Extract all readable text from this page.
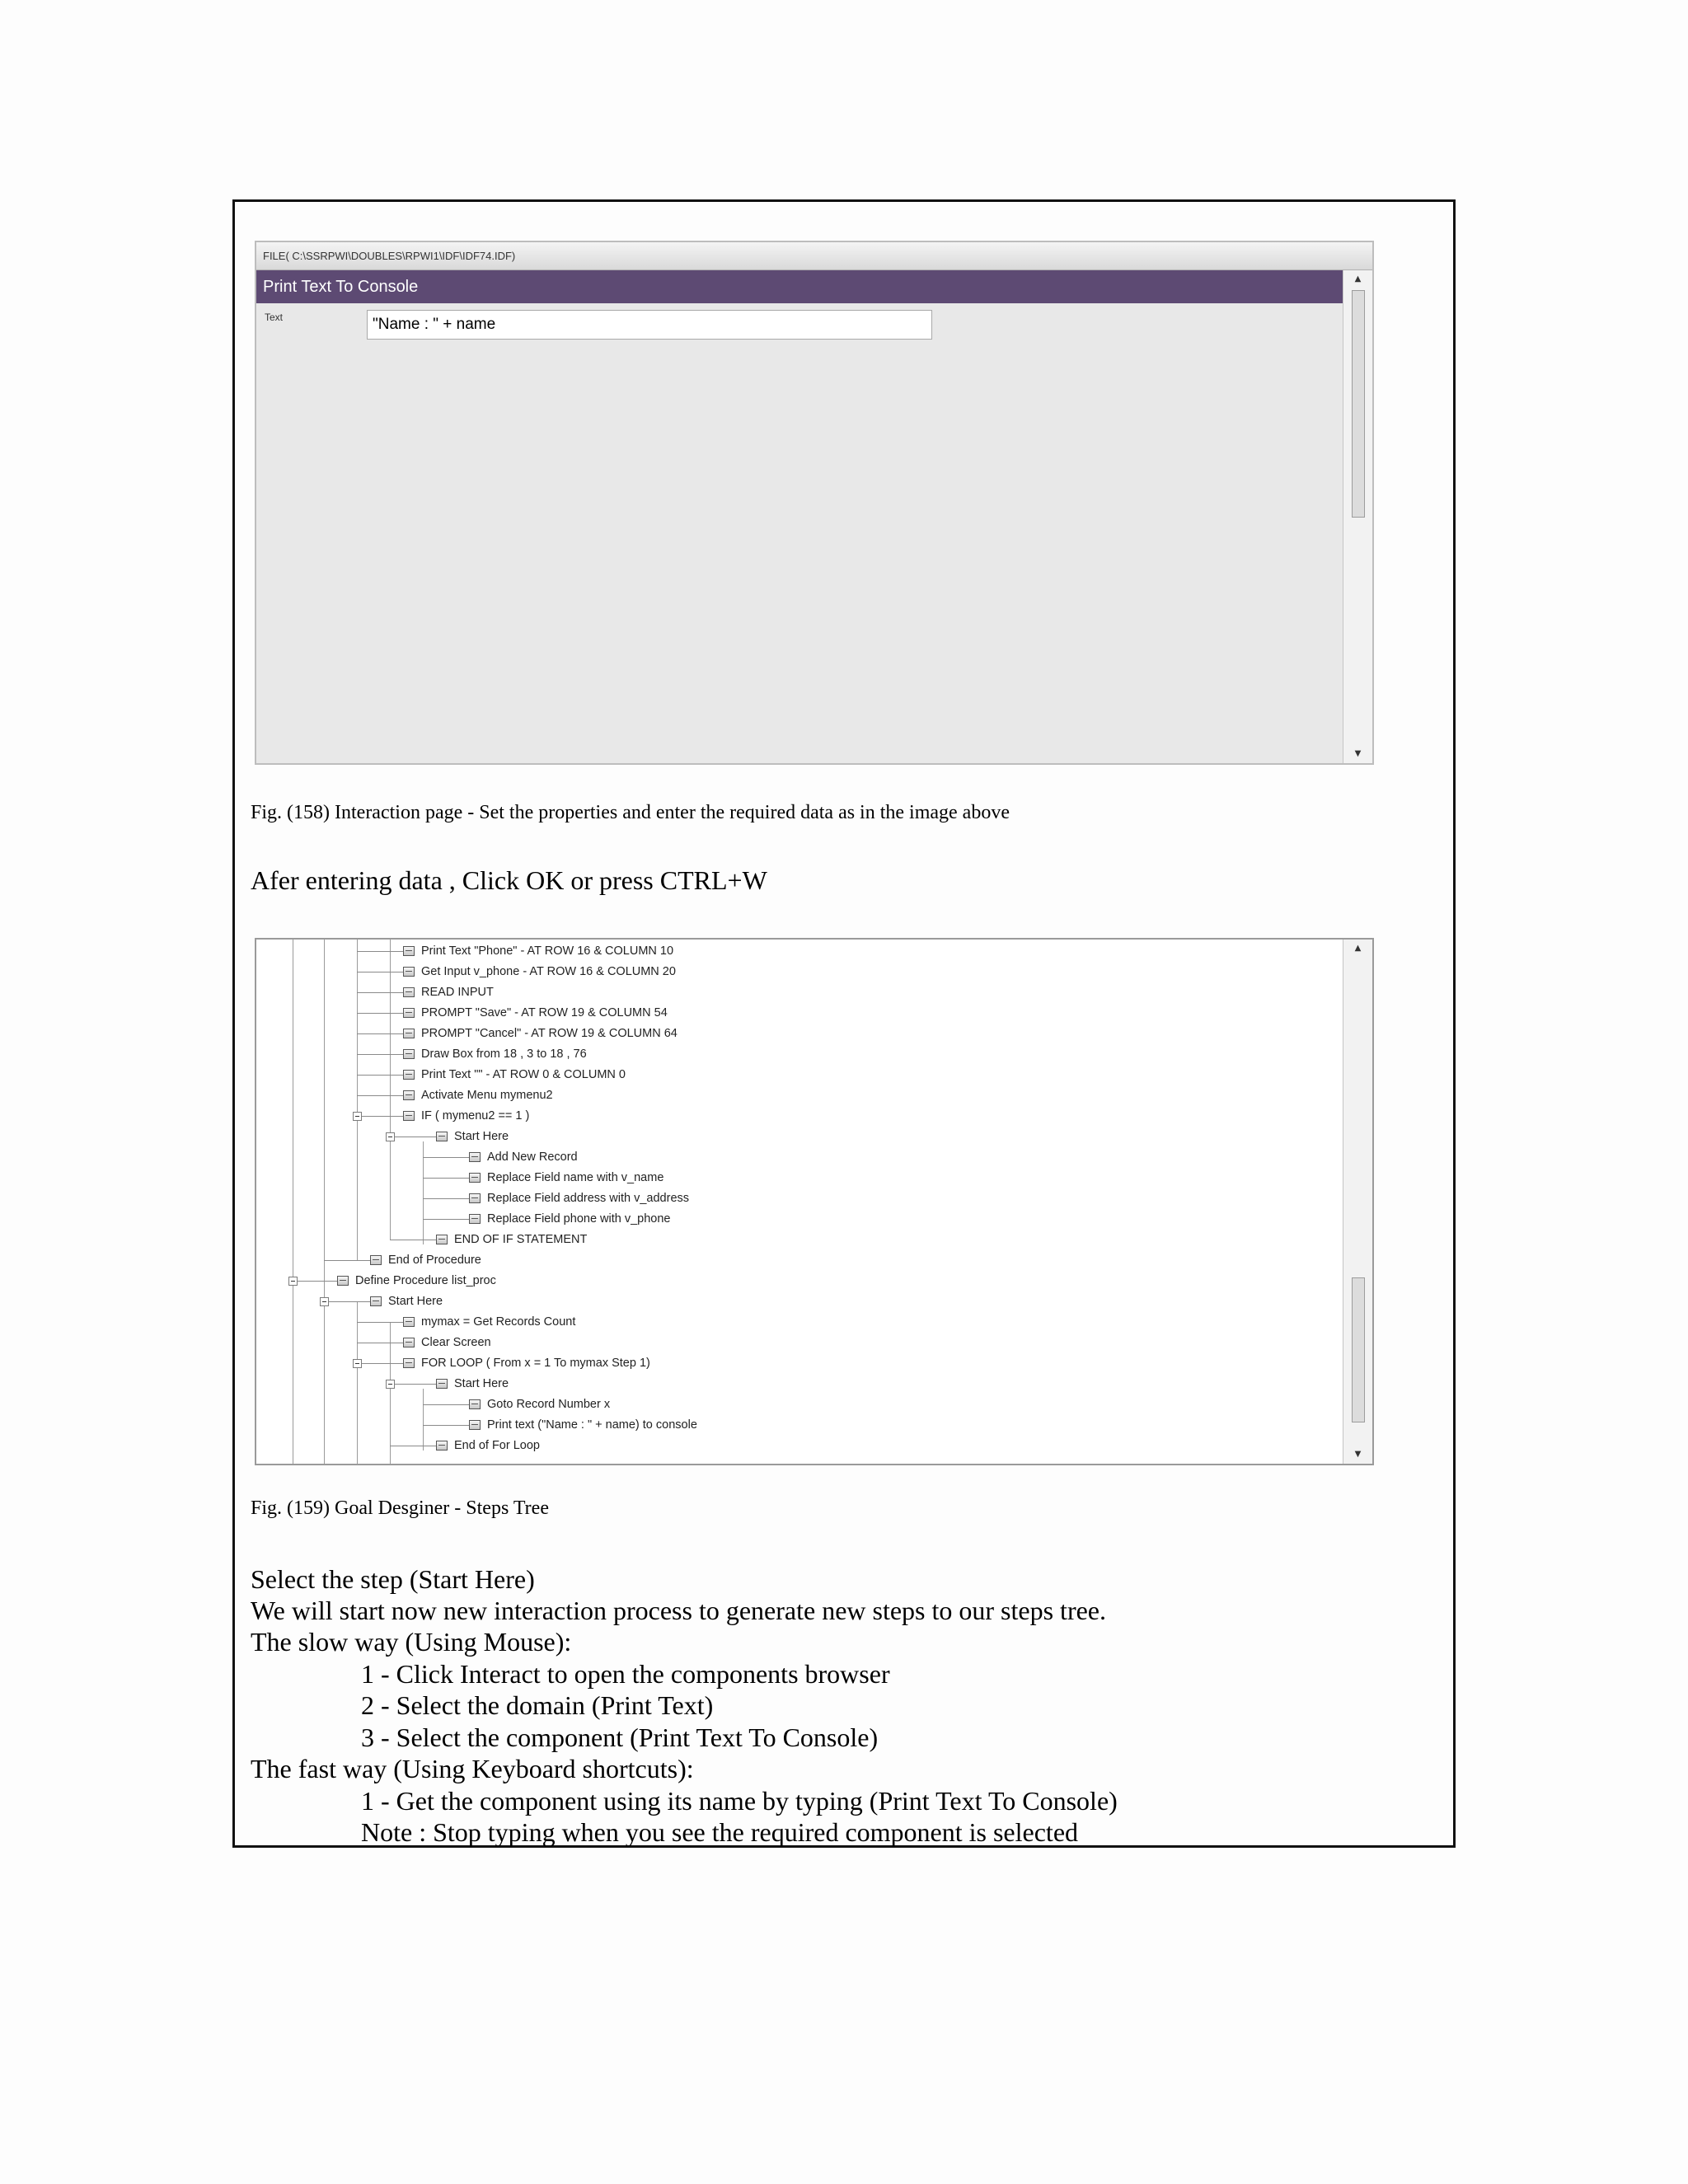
FILE( C:\SSRPWI\DOUBLES\RPWI1\IDF\IDF74.IDF)
Print Text To Console
Text	"Name : " + name
▲
▼
Fig. (158) Interaction page - Set the properties and enter the required data as in the image above
Afer entering data , Click OK or press CTRL+W
Print Text "Phone" - AT ROW 16 & COLUMN 10
Get Input v_phone - AT ROW 16 & COLUMN 20
READ INPUT
PROMPT "Save" - AT ROW 19 & COLUMN 54
PROMPT "Cancel" - AT ROW 19 & COLUMN 64
Draw Box from 18 , 3 to 18 , 76
Print Text "" - AT ROW 0 & COLUMN 0
Activate Menu mymenu2
IF ( mymenu2 == 1 )
Start Here
Add New Record
Replace Field name with v_name
Replace Field address with v_address
Replace Field phone with v_phone
END OF IF STATEMENT
End of Procedure
Define Procedure list_proc
Start Here
mymax = Get Records Count
Clear Screen
FOR LOOP ( From x = 1 To mymax Step 1)
Start Here
Goto Record Number x
Print text ("Name : " + name) to console
End of For Loop
▲
▼
Fig. (159) Goal Desginer - Steps Tree
Select the step (Start Here)
We will start now new interaction process to generate new steps to our steps tree.
The slow way (Using Mouse):
1 - Click Interact to open the components browser
2 - Select the domain (Print Text)
3 - Select the component (Print Text To Console)
The fast way (Using Keyboard shortcuts):
1 - Get the component using its name by typing (Print Text To Console)
Note : Stop typing when you see the required component is selected
